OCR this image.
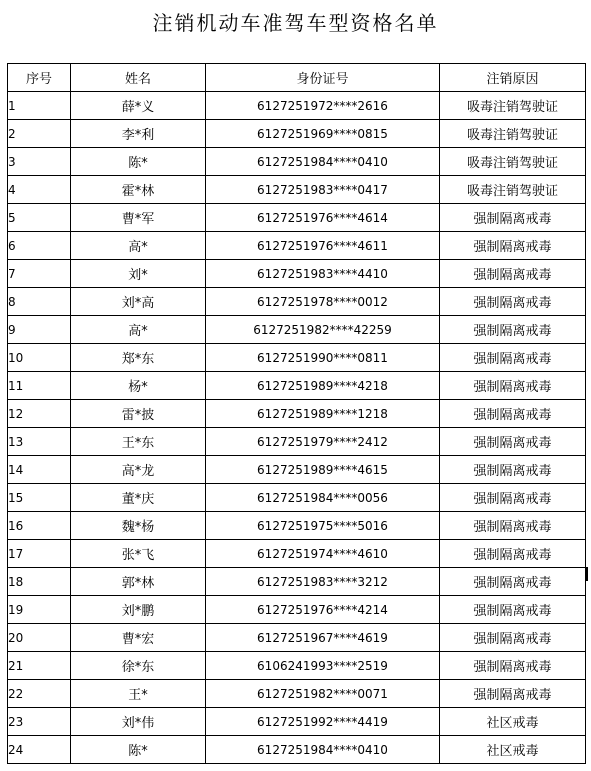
注销机动车准驾车型资格名单
序号	姓名	身份证号	注销原因
1	薛*义	6127251972****2616	吸毒注销驾驶证
2	李*利	6127251969****0815	吸毒注销驾驶证
3	陈*	6127251984****0410	吸毒注销驾驶证
4	霍*林	6127251983****0417	吸毒注销驾驶证
5	曹*军	6127251976****4614	强制隔离戒毒
6	高*	6127251976****4611	强制隔离戒毒
7	刘*	6127251983****4410	强制隔离戒毒
8	刘*高	6127251978****0012	强制隔离戒毒
9	高*	6127251982****42259	强制隔离戒毒
10	郑*东	6127251990****0811	强制隔离戒毒
11	杨*	6127251989****4218	强制隔离戒毒
12	雷*披	6127251989****1218	强制隔离戒毒
13	王*东	6127251979****2412	强制隔离戒毒
14	高*龙	6127251989****4615	强制隔离戒毒
15	董*庆	6127251984****0056	强制隔离戒毒
16	魏*杨	6127251975****5016	强制隔离戒毒
17	张*飞	6127251974****4610	强制隔离戒毒
18	郭*林	6127251983****3212	强制隔离戒毒
19	刘*鹏	6127251976****4214	强制隔离戒毒
20	曹*宏	6127251967****4619	强制隔离戒毒
21	徐*东	6106241993****2519	强制隔离戒毒
22	王*	6127251982****0071	强制隔离戒毒
23	刘*伟	6127251992****4419	社区戒毒
24	陈*	6127251984****0410	社区戒毒
